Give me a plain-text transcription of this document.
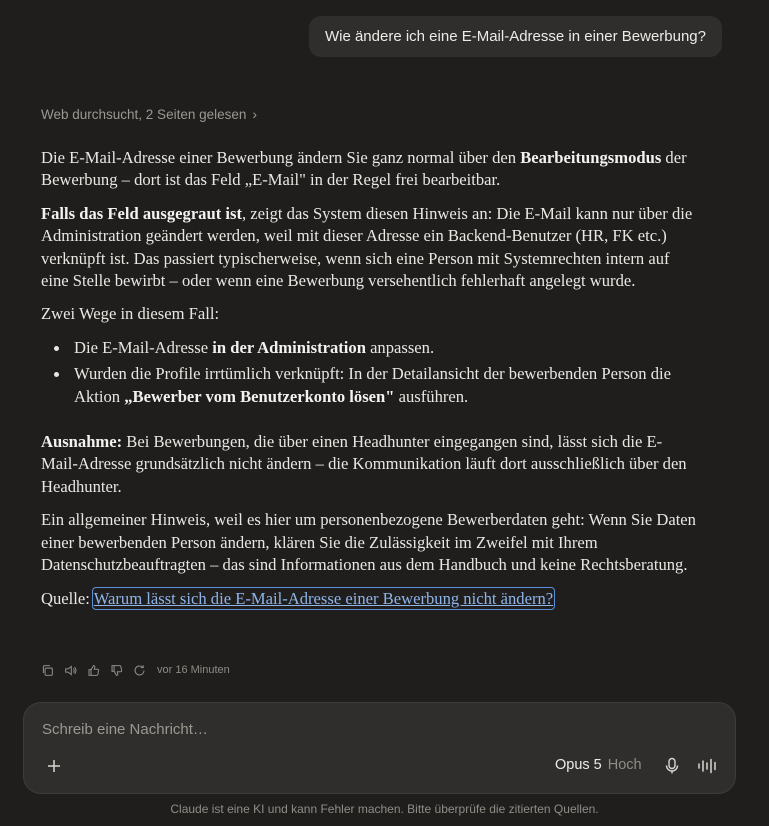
Wie ändere ich eine E-Mail-Adresse in einer Bewerbung?
Web durchsucht, 2 Seiten gelesen ›

Die E-Mail-Adresse einer Bewerbung ändern Sie ganz normal über den Bearbeitungsmodus der Bewerbung – dort ist das Feld „E-Mail" in der Regel frei bearbeitbar.

Falls das Feld ausgegraut ist, zeigt das System diesen Hinweis an: Die E-Mail kann nur über die Administration geändert werden, weil mit dieser Adresse ein Backend-Benutzer (HR, FK etc.) verknüpft ist. Das passiert typischerweise, wenn sich eine Person mit Systemrechten intern auf eine Stelle bewirbt – oder wenn eine Bewerbung versehentlich fehlerhaft angelegt wurde.

Zwei Wege in diesem Fall:

Die E-Mail-Adresse in der Administration anpassen.
Wurden die Profile irrtümlich verknüpft: In der Detailansicht der bewerbenden Person die Aktion „Bewerber vom Benutzerkonto lösen" ausführen.

Ausnahme: Bei Bewerbungen, die über einen Headhunter eingegangen sind, lässt sich die E-Mail-Adresse grundsätzlich nicht ändern – die Kommunikation läuft dort ausschließlich über den Headhunter.

Ein allgemeiner Hinweis, weil es hier um personenbezogene Bewerberdaten geht: Wenn Sie Daten einer bewerbenden Person ändern, klären Sie die Zulässigkeit im Zweifel mit Ihrem Datenschutzbeauftragten – das sind Informationen aus dem Handbuch und keine Rechtsberatung.

Quelle: Warum lässt sich die E-Mail-Adresse einer Bewerbung nicht ändern?

vor 16 Minuten
Schreib eine Nachricht…
Opus 5 Hoch
Claude ist eine KI und kann Fehler machen. Bitte überprüfe die zitierten Quellen.
